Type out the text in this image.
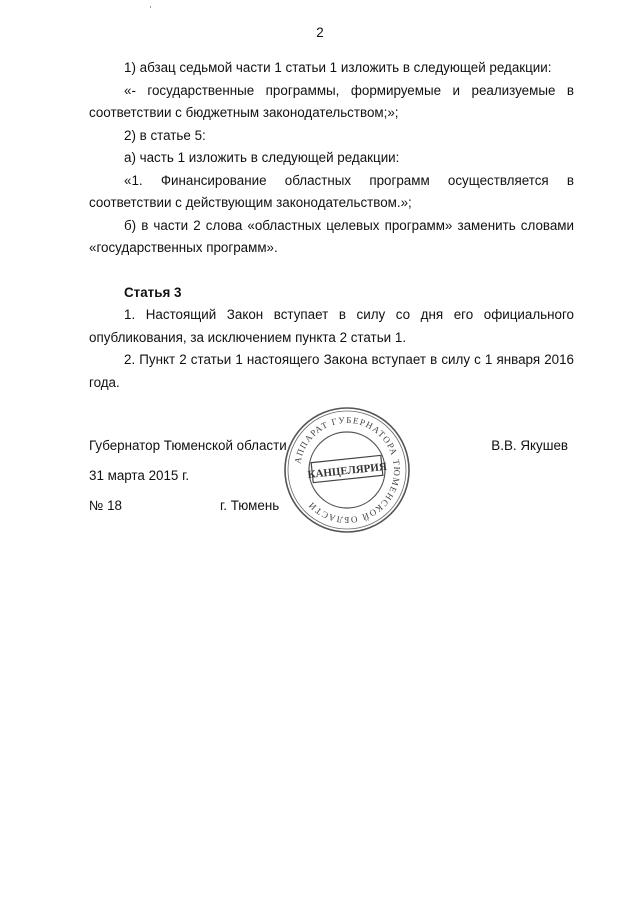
2

1) абзац седьмой части 1 статьи 1 изложить в следующей редакции:

«- государственные программы, формируемые и реализуемые в соответствии с бюджетным законодательством;»;

2) в статье 5:

а) часть 1 изложить в следующей редакции:

«1. Финансирование областных программ осуществляется в соответствии с действующим законодательством.»;

б) в части 2 слова «областных целевых программ» заменить словами «государственных программ».

Статья 3

1. Настоящий Закон вступает в силу со дня его официального опубликования, за исключением пункта 2 статьи 1.

2. Пункт 2 статьи 1 настоящего Закона вступает в силу с 1 января 2016 года.

Губернатор Тюменской области	В.В. Якушев
31 марта 2015 г.
№ 18	г. Тюмень
АППАРАТ ГУБЕРНАТОРА ТЮМЕНСКОЙ ОБЛАСТИ
КАНЦЕЛЯРИЯ
